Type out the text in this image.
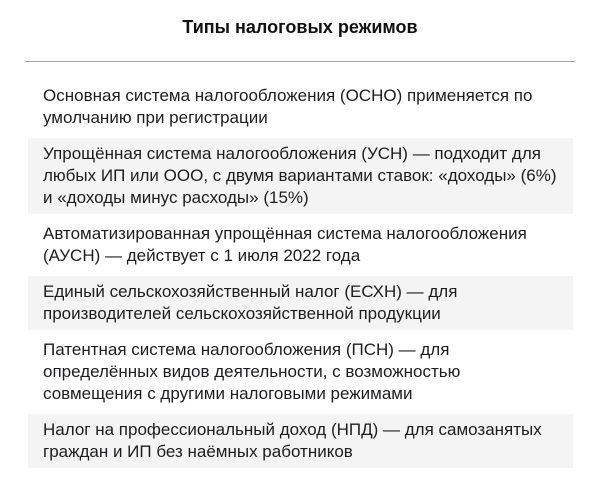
Типы налоговых режимов
Основная система налогообложения (ОСНО) применяется по умолчанию при регистрации
Упрощённая система налогообложения (УСН) — подходит для любых ИП или ООО, с двумя вариантами ставок: «доходы» (6%) и «доходы минус расходы» (15%)
Автоматизированная упрощённая система налогообложения (АУСН) — действует с 1 июля 2022 года
Единый сельскохозяйственный налог (ЕСХН) — для производителей сельскохозяйственной продукции
Патентная система налогообложения (ПСН) — для определённых видов деятельности, с возможностью совмещения с другими налоговыми режимами
Налог на профессиональный доход (НПД) — для самозанятых граждан и ИП без наёмных работников
